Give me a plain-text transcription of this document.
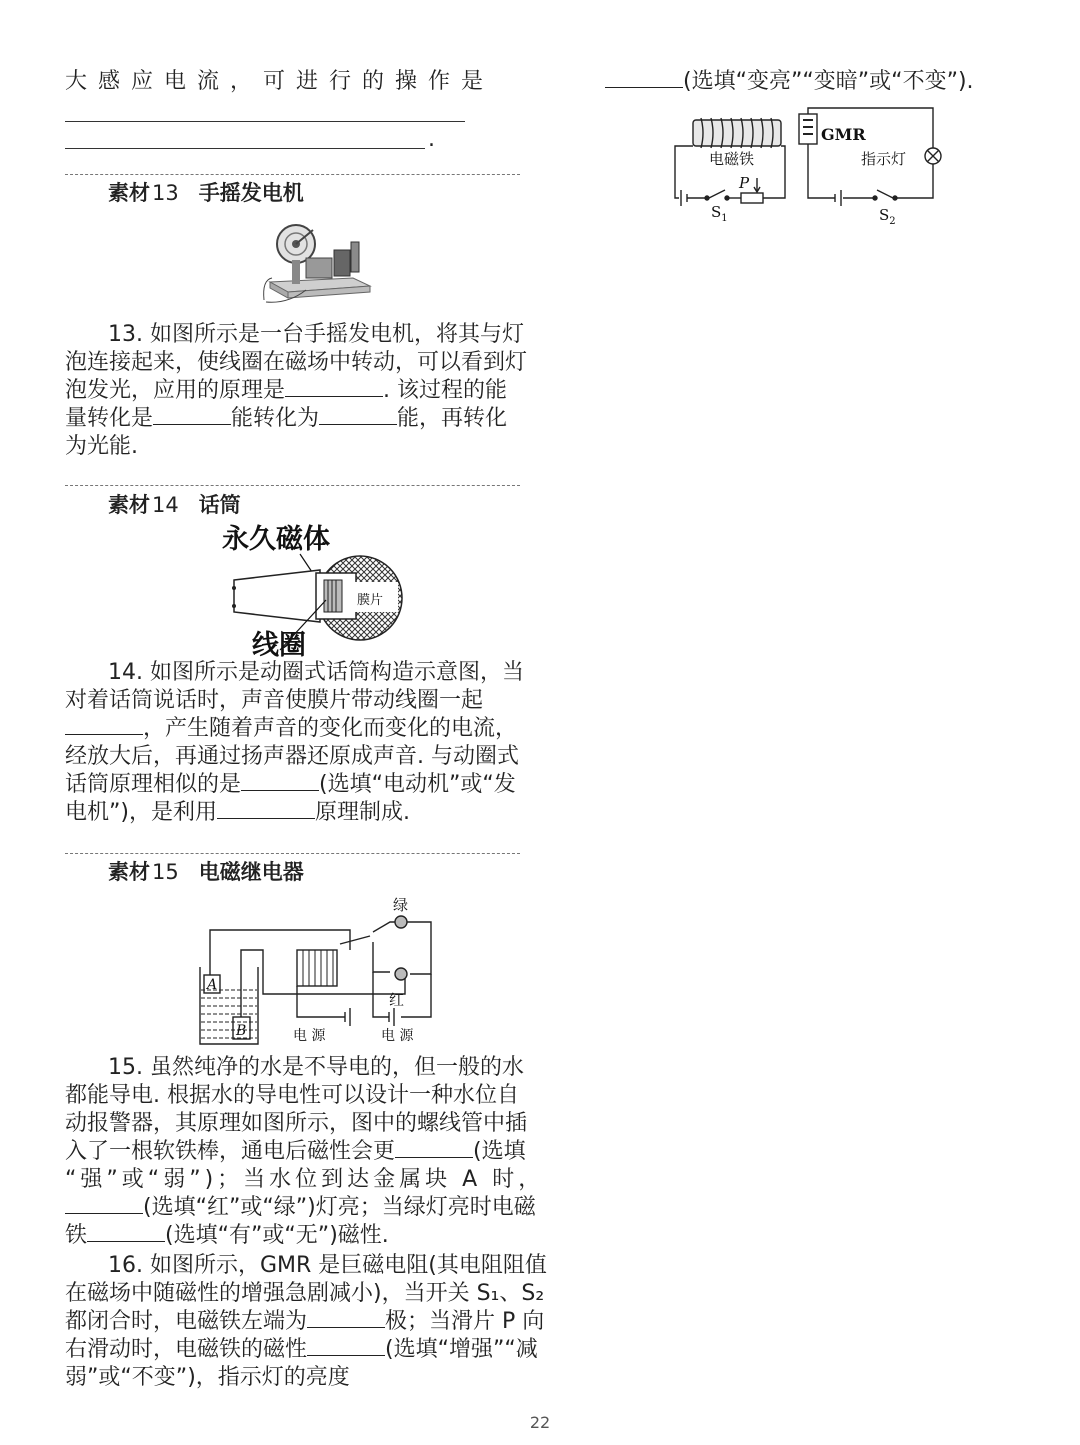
大感应电流，可进行的操作是
.
素材13 手摇发电机
13. 如图所示是一台手摇发电机，将其与灯
泡连接起来，使线圈在磁场中转动，可以看到灯
泡发光，应用的原理是	. 该过程的能
量转化是	能转化为	能，再转化
为光能.
素材14 话筒
永久磁体
膜片
线圈
14. 如图所示是动圈式话筒构造示意图，当
对着话筒说话时，声音使膜片带动线圈一起
，产生随着声音的变化而变化的电流，
经放大后，再通过扬声器还原成声音. 与动圈式
话筒原理相似的是	(选填“电动机”或“发
电机”)，是利用	原理制成.
素材15 电磁继电器
绿
红
A
B	电 源	电 源
15. 虽然纯净的水是不导电的，但一般的水
都能导电. 根据水的导电性可以设计一种水位自
动报警器，其原理如图所示，图中的螺线管中插
入了一根软铁棒，通电后磁性会更	(选填
“强”或“弱”)；当水位到达金属块 A 时，
(选填“红”或“绿”)灯亮；当绿灯亮时电磁
铁	(选填“有”或“无”)磁性.
16. 如图所示，GMR 是巨磁电阻(其电阻阻值
在磁场中随磁性的增强急剧减小)，当开关 S₁、S₂
都闭合时，电磁铁左端为	极；当滑片 P 向
右滑动时，电磁铁的磁性	(选填“增强”“减
弱”或“不变”)，指示灯的亮度
(选填“变亮”“变暗”或“不变”).
GMR
电磁铁	指示灯
P
$S_1$	$S_2$
22
